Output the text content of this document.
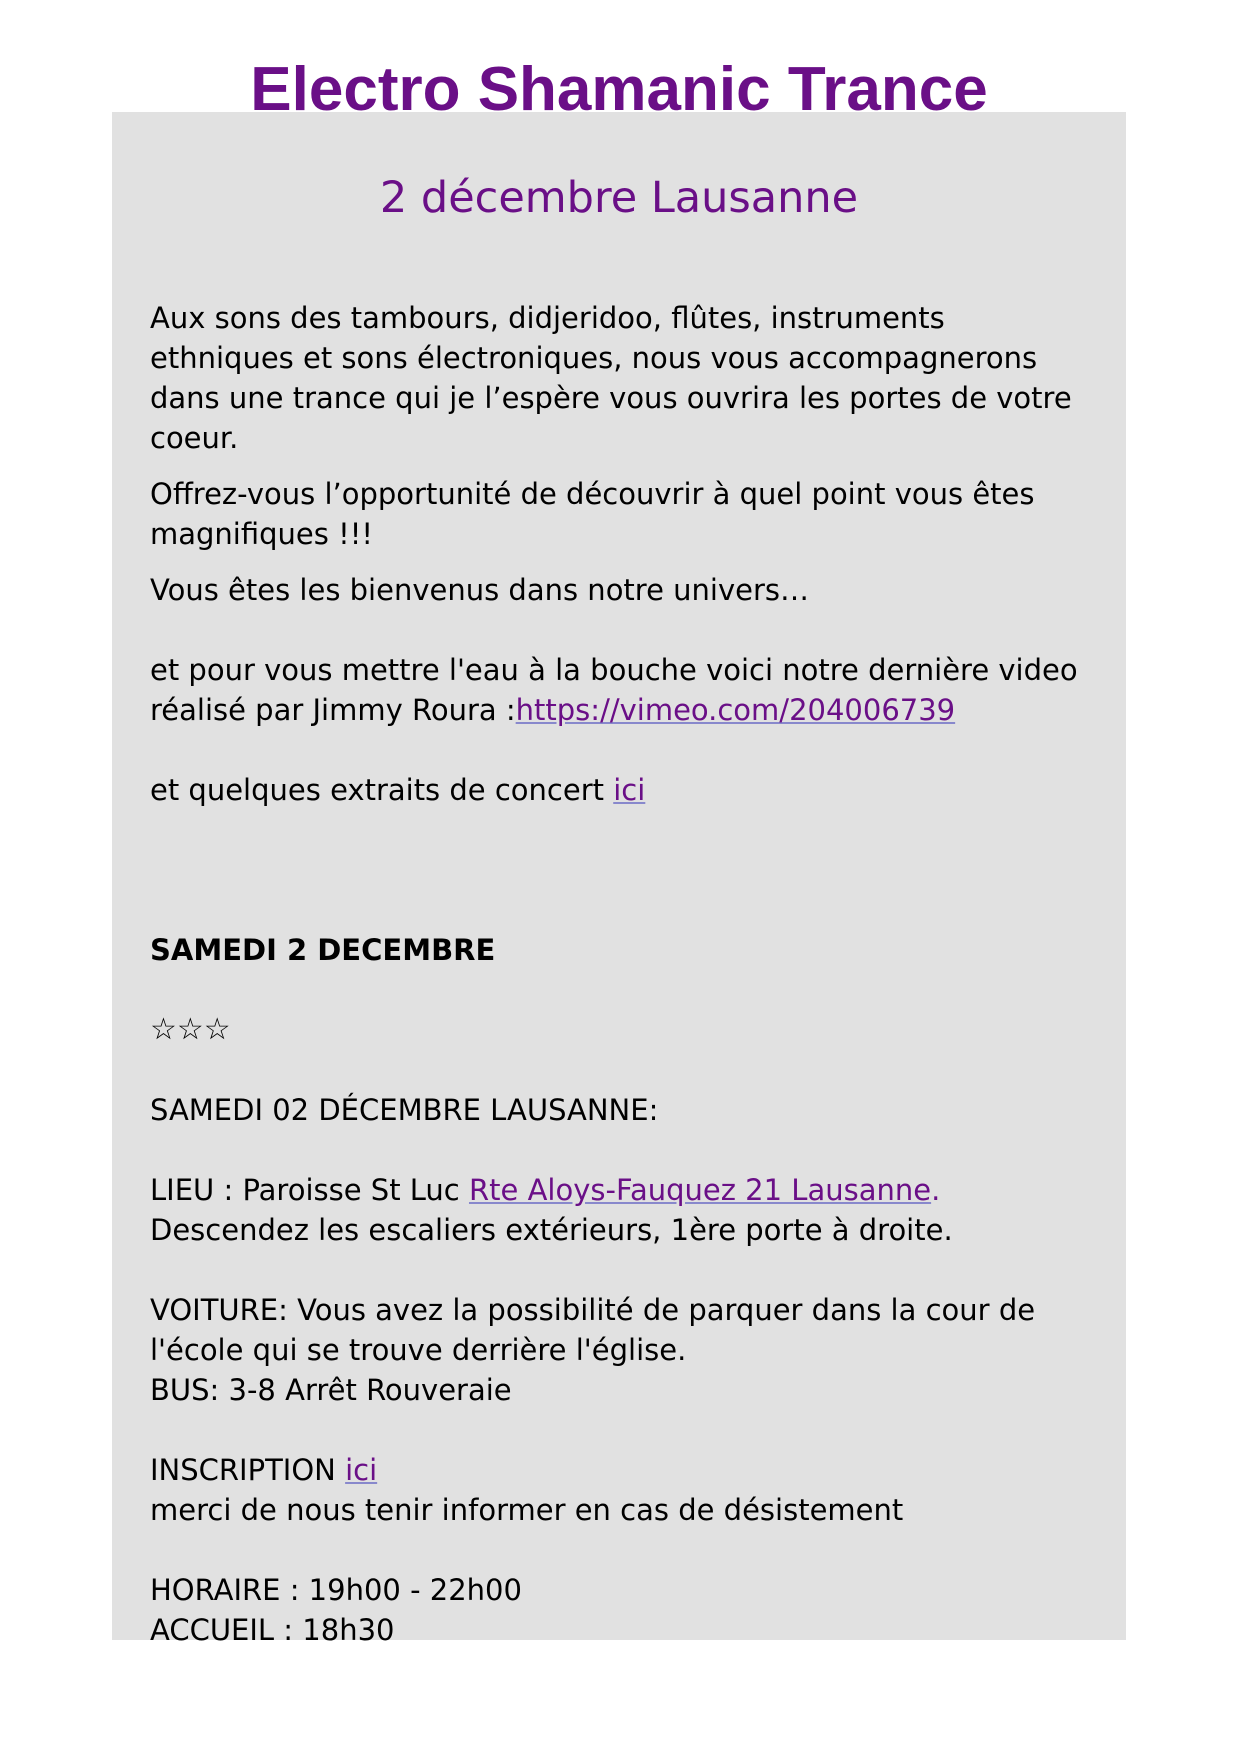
Electro Shamanic Trance
2 décembre Lausanne
Aux sons des tambours, didjeridoo, flûtes, instruments
ethniques et sons électroniques, nous vous accompagnerons
dans une trance qui je l’espère vous ouvrira les portes de votre
coeur.
Offrez-vous l’opportunité de découvrir à quel point vous êtes
magnifiques !!!
Vous êtes les bienvenus dans notre univers…
et pour vous mettre l'eau à la bouche voici notre dernière video
réalisé par Jimmy Roura :https://vimeo.com/204006739
et quelques extraits de concert ici
SAMEDI 2 DECEMBRE
☆☆☆
SAMEDI 02 DÉCEMBRE LAUSANNE:
LIEU : Paroisse St Luc Rte Aloys-Fauquez 21 Lausanne.
Descendez les escaliers extérieurs, 1ère porte à droite.
VOITURE: Vous avez la possibilité de parquer dans la cour de
l'école qui se trouve derrière l'église.
BUS: 3-8 Arrêt Rouveraie
INSCRIPTION ici
merci de nous tenir informer en cas de désistement
HORAIRE : 19h00 - 22h00
ACCUEIL : 18h30
